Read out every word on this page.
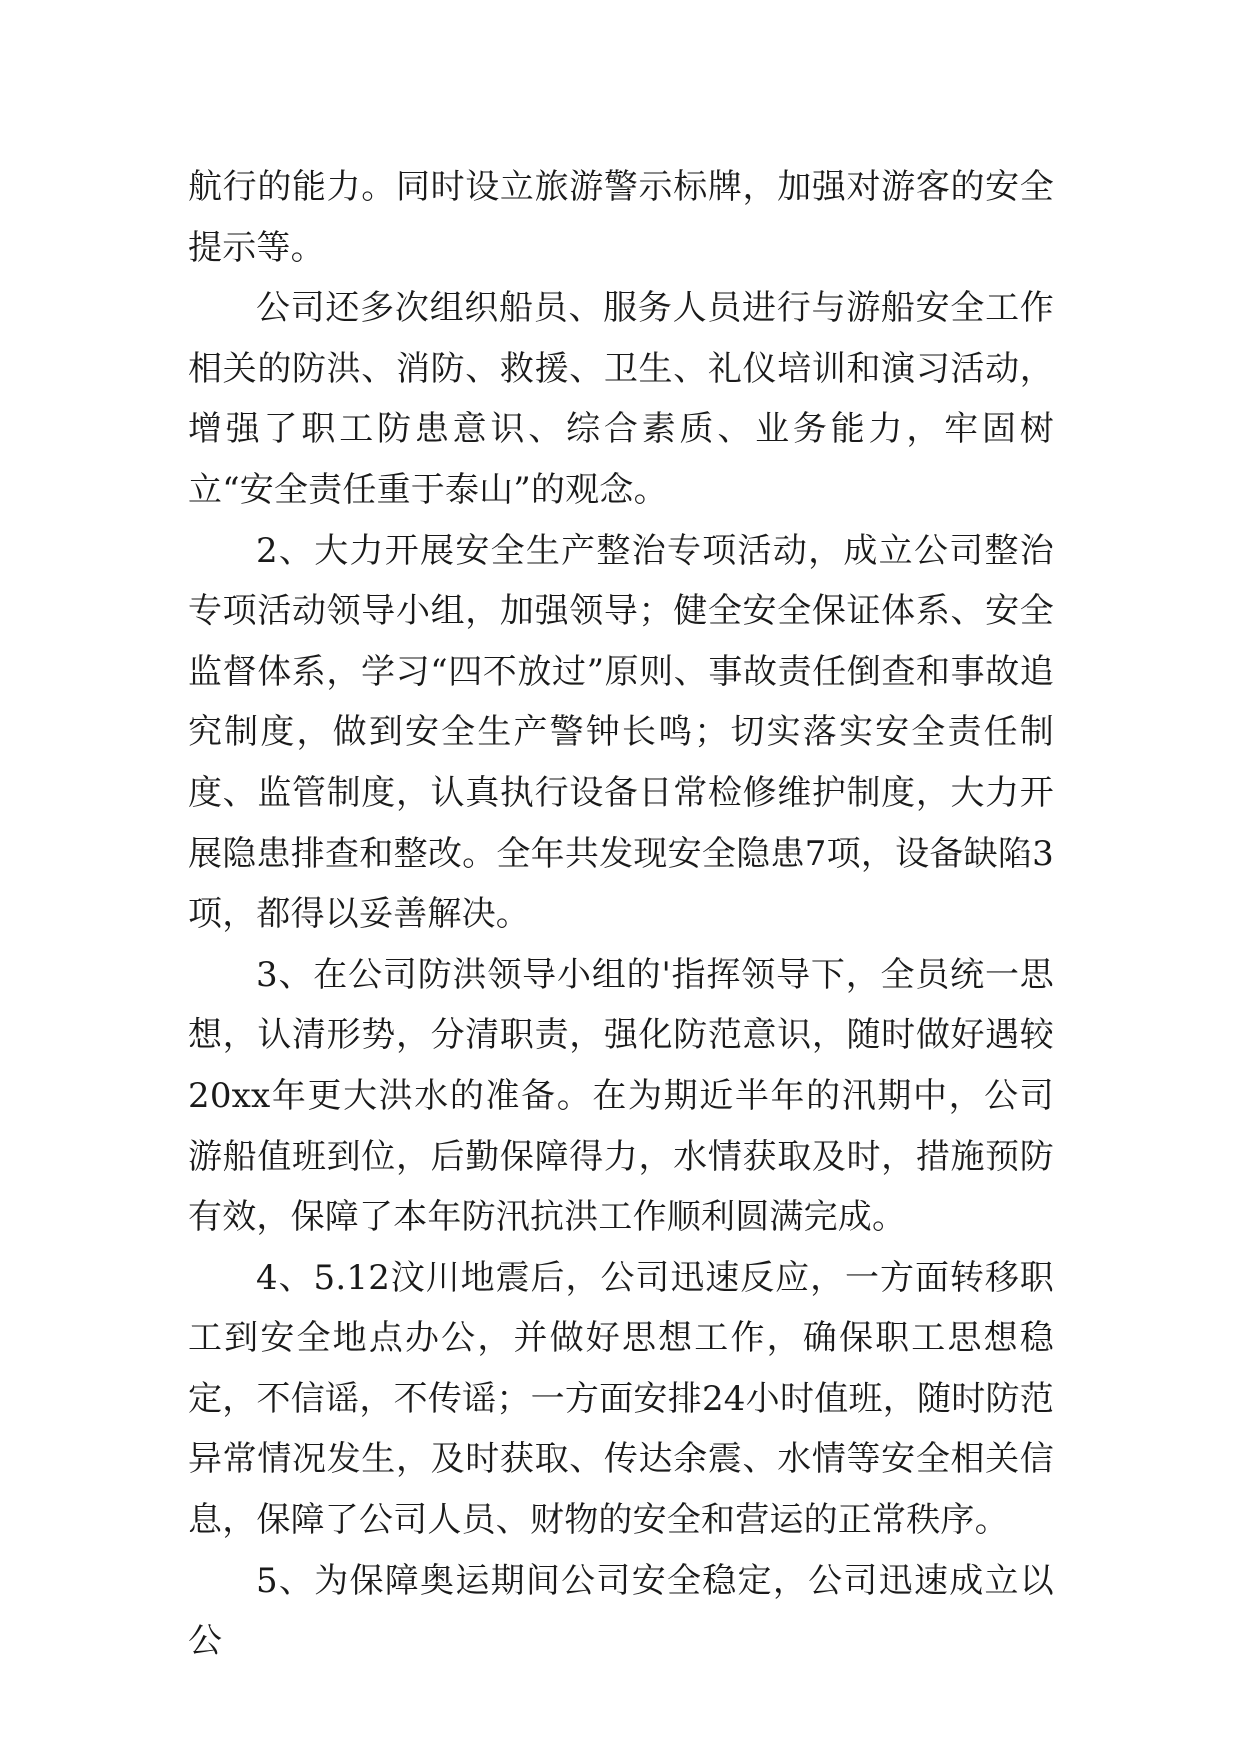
航行的能力。同时设立旅游警示标牌，加强对游客的安全提示等。

公司还多次组织船员、服务人员进行与游船安全工作相关的防洪、消防、救援、卫生、礼仪培训和演习活动，增强了职工防患意识、综合素质、业务能力，牢固树立“安全责任重于泰山”的观念。

2、大力开展安全生产整治专项活动，成立公司整治专项活动领导小组，加强领导；健全安全保证体系、安全监督体系，学习“四不放过”原则、事故责任倒查和事故追究制度，做到安全生产警钟长鸣；切实落实安全责任制度、监管制度，认真执行设备日常检修维护制度，大力开展隐患排查和整改。全年共发现安全隐患7项，设备缺陷3项，都得以妥善解决。

3、在公司防洪领导小组的'指挥领导下，全员统一思想，认清形势，分清职责，强化防范意识，随时做好遇较20xx年更大洪水的准备。在为期近半年的汛期中，公司游船值班到位，后勤保障得力，水情获取及时，措施预防有效，保障了本年防汛抗洪工作顺利圆满完成。

4、5.12汶川地震后，公司迅速反应，一方面转移职工到安全地点办公，并做好思想工作，确保职工思想稳定，不信谣，不传谣；一方面安排24小时值班，随时防范异常情况发生，及时获取、传达余震、水情等安全相关信息，保障了公司人员、财物的安全和营运的正常秩序。

5、为保障奥运期间公司安全稳定，公司迅速成立以公
